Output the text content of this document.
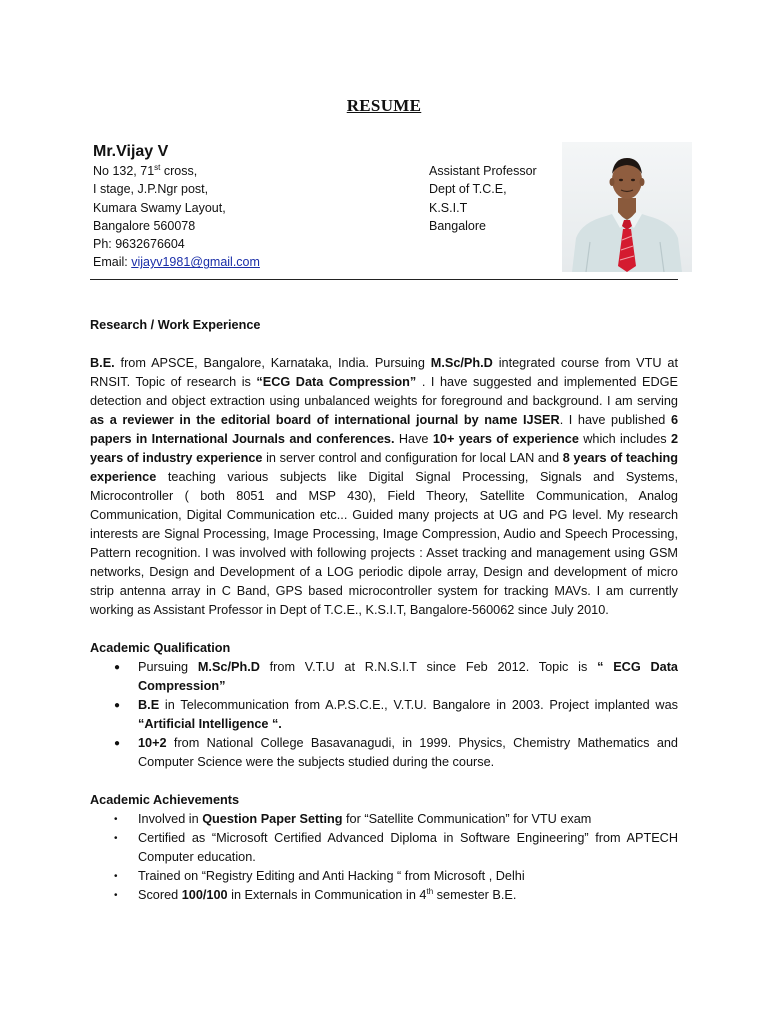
RESUME
Mr.Vijay V
No 132, 71st cross,
I stage, J.P.Ngr post,
Kumara Swamy Layout,
Bangalore 560078
Ph: 9632676604
Email: vijayv1981@gmail.com
Assistant Professor
Dept of T.C.E,
K.S.I.T
Bangalore

Research / Work Experience

B.E. from APSCE, Bangalore, Karnataka, India. Pursuing M.Sc/Ph.D integrated course from VTU at RNSIT. Topic of research is “ECG Data Compression” . I have suggested and implemented EDGE detection and object extraction using unbalanced weights for foreground and background. I am serving as a reviewer in the editorial board of international journal by name IJSER. I have published 6 papers in International Journals and conferences. Have 10+ years of experience which includes 2 years of industry experience in server control and configuration for local LAN and 8 years of teaching experience teaching various subjects like Digital Signal Processing, Signals and Systems, Microcontroller ( both 8051 and MSP 430), Field Theory, Satellite Communication, Analog Communication, Digital Communication etc... Guided many projects at UG and PG level. My research interests are Signal Processing, Image Processing, Image Compression, Audio and Speech Processing, Pattern recognition. I was involved with following projects : Asset tracking and management using GSM networks, Design and Development of a LOG periodic dipole array, Design and development of micro strip antenna array in C Band, GPS based microcontroller system for tracking MAVs. I am currently working as Assistant Professor in Dept of T.C.E., K.S.I.T, Bangalore-560062 since July 2010.

Academic Qualification

● Pursuing M.Sc/Ph.D from V.T.U at R.N.S.I.T since Feb 2012. Topic is “ ECG Data Compression”
● B.E in Telecommunication from A.P.S.C.E., V.T.U. Bangalore in 2003. Project implanted was “Artificial Intelligence “.
● 10+2 from National College Basavanagudi, in 1999. Physics, Chemistry Mathematics and Computer Science were the subjects studied during the course.

Academic Achievements

• Involved in Question Paper Setting for “Satellite Communication” for VTU exam
• Certified as “Microsoft Certified Advanced Diploma in Software Engineering” from APTECH Computer education.
• Trained on “Registry Editing and Anti Hacking “ from Microsoft , Delhi
• Scored 100/100 in Externals in Communication in 4th semester B.E.
